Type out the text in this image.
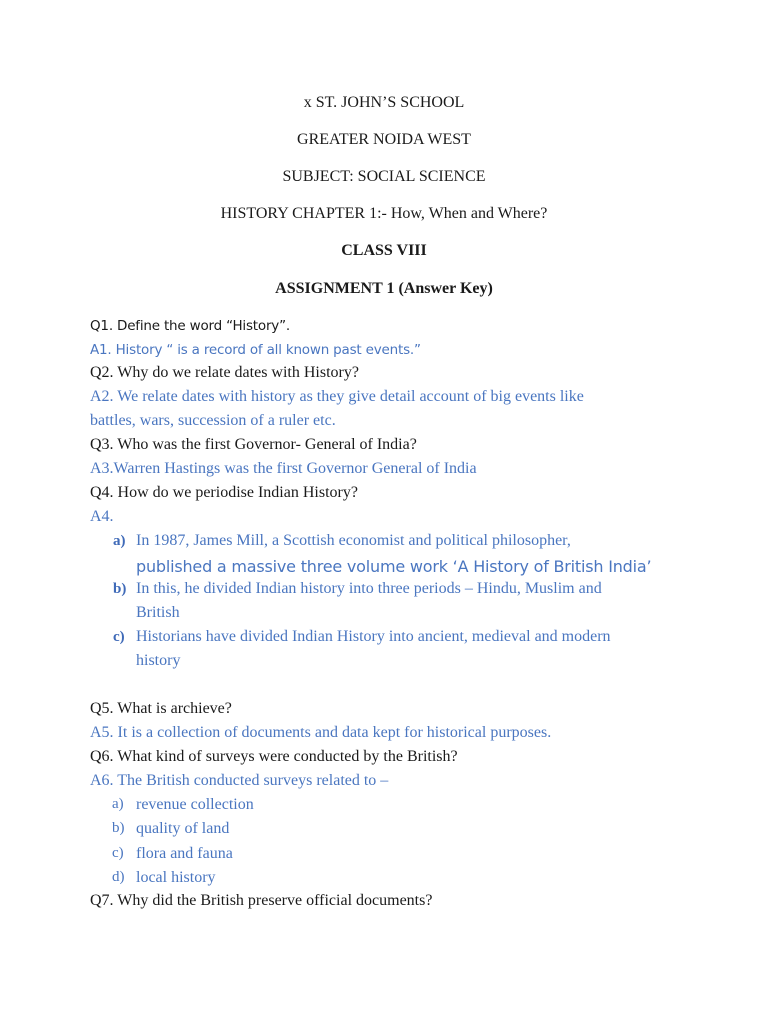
x ST. JOHN’S SCHOOL
GREATER NOIDA WEST
SUBJECT: SOCIAL SCIENCE
HISTORY CHAPTER 1:- How, When and Where?
CLASS VIII
ASSIGNMENT 1 (Answer Key)
Q1. Define the word “History”.
A1. History “ is a record of all known past events.”
Q2. Why do we relate dates with History?
A2. We relate dates with history as they give detail account of big events like
battles, wars, succession of a ruler etc.
Q3. Who was the first Governor- General of India?
A3.Warren Hastings was the first Governor General of India
Q4. How do we periodise Indian History?
A4.
a) In 1987, James Mill, a Scottish economist and political philosopher,
published a massive three volume work ‘A History of British India’
b) In this, he divided Indian history into three periods – Hindu, Muslim and
British
c) Historians have divided Indian History into ancient, medieval and modern
history
Q5. What is archieve?
A5. It is a collection of documents and data kept for historical purposes.
Q6. What kind of surveys were conducted by the British?
A6. The British conducted surveys related to –
a) revenue collection
b) quality of land
c) flora and fauna
d) local history
Q7. Why did the British preserve official documents?
